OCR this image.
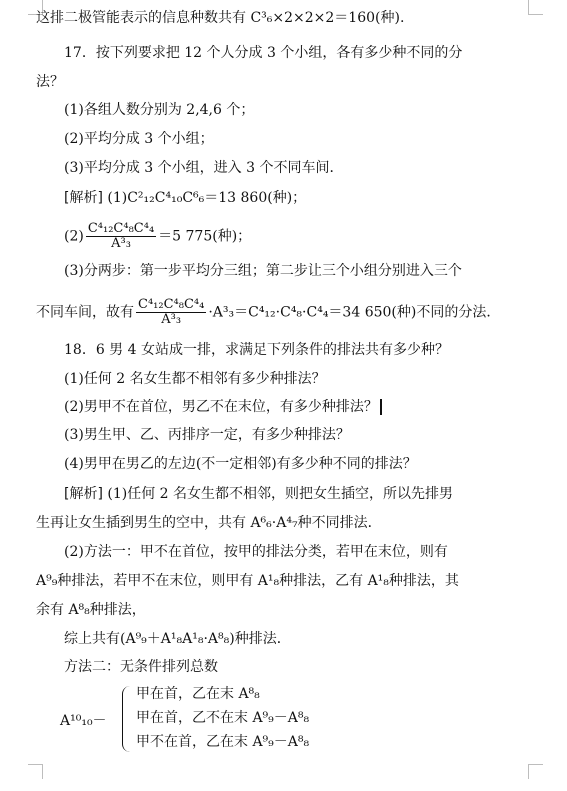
这排二极管能表示的信息种数共有 C³₆×2×2×2＝160(种).
17．按下列要求把 12 个人分成 3 个小组，各有多少种不同的分
法？
(1)各组人数分别为 2,4,6 个；
(2)平均分成 3 个小组；
(3)平均分成 3 个小组，进入 3 个不同车间．
[解析] (1)C²₁₂C⁴₁₀C⁶₆＝13 860(种)；
$(2) \frac{\text{C⁴₁₂C⁴₈C⁴₄}}{\text{A³₃}} =5$ 775(种)；
(3)分两步：第一步平均分三组；第二步让三个小组分别进入三个
不同车间，故有 $\frac{\text{C⁴₁₂C⁴₈C⁴₄}}{\text{A³₃}} \cdot A^3_3=C^4_{12}\cdot C^4_8\cdot C^4_4=34$ 650(种)不同的分法．
18．6 男 4 女站成一排，求满足下列条件的排法共有多少种？
(1)任何 2 名女生都不相邻有多少种排法？
(2)男甲不在首位，男乙不在末位，有多少种排法？
(3)男生甲、乙、丙排序一定，有多少种排法？
(4)男甲在男乙的左边(不一定相邻)有多少种不同的排法？
[解析] (1)任何 2 名女生都不相邻，则把女生插空，所以先排男
生再让女生插到男生的空中，共有 A⁶₆·A⁴₇种不同排法．
(2)方法一：甲不在首位，按甲的排法分类，若甲在末位，则有
A⁹₉种排法，若甲不在末位，则甲有 A¹₈种排法，乙有 A¹₈种排法，其
余有 A⁸₈种排法，
综上共有(A⁹₉＋A¹₈A¹₈·A⁸₈)种排法．
方法二：无条件排列总数
A¹⁰₁₀－
甲在首，乙在末 A⁸₈
甲在首，乙不在末 A⁹₉－A⁸₈
甲不在首，乙在末 A⁹₉－A⁸₈
